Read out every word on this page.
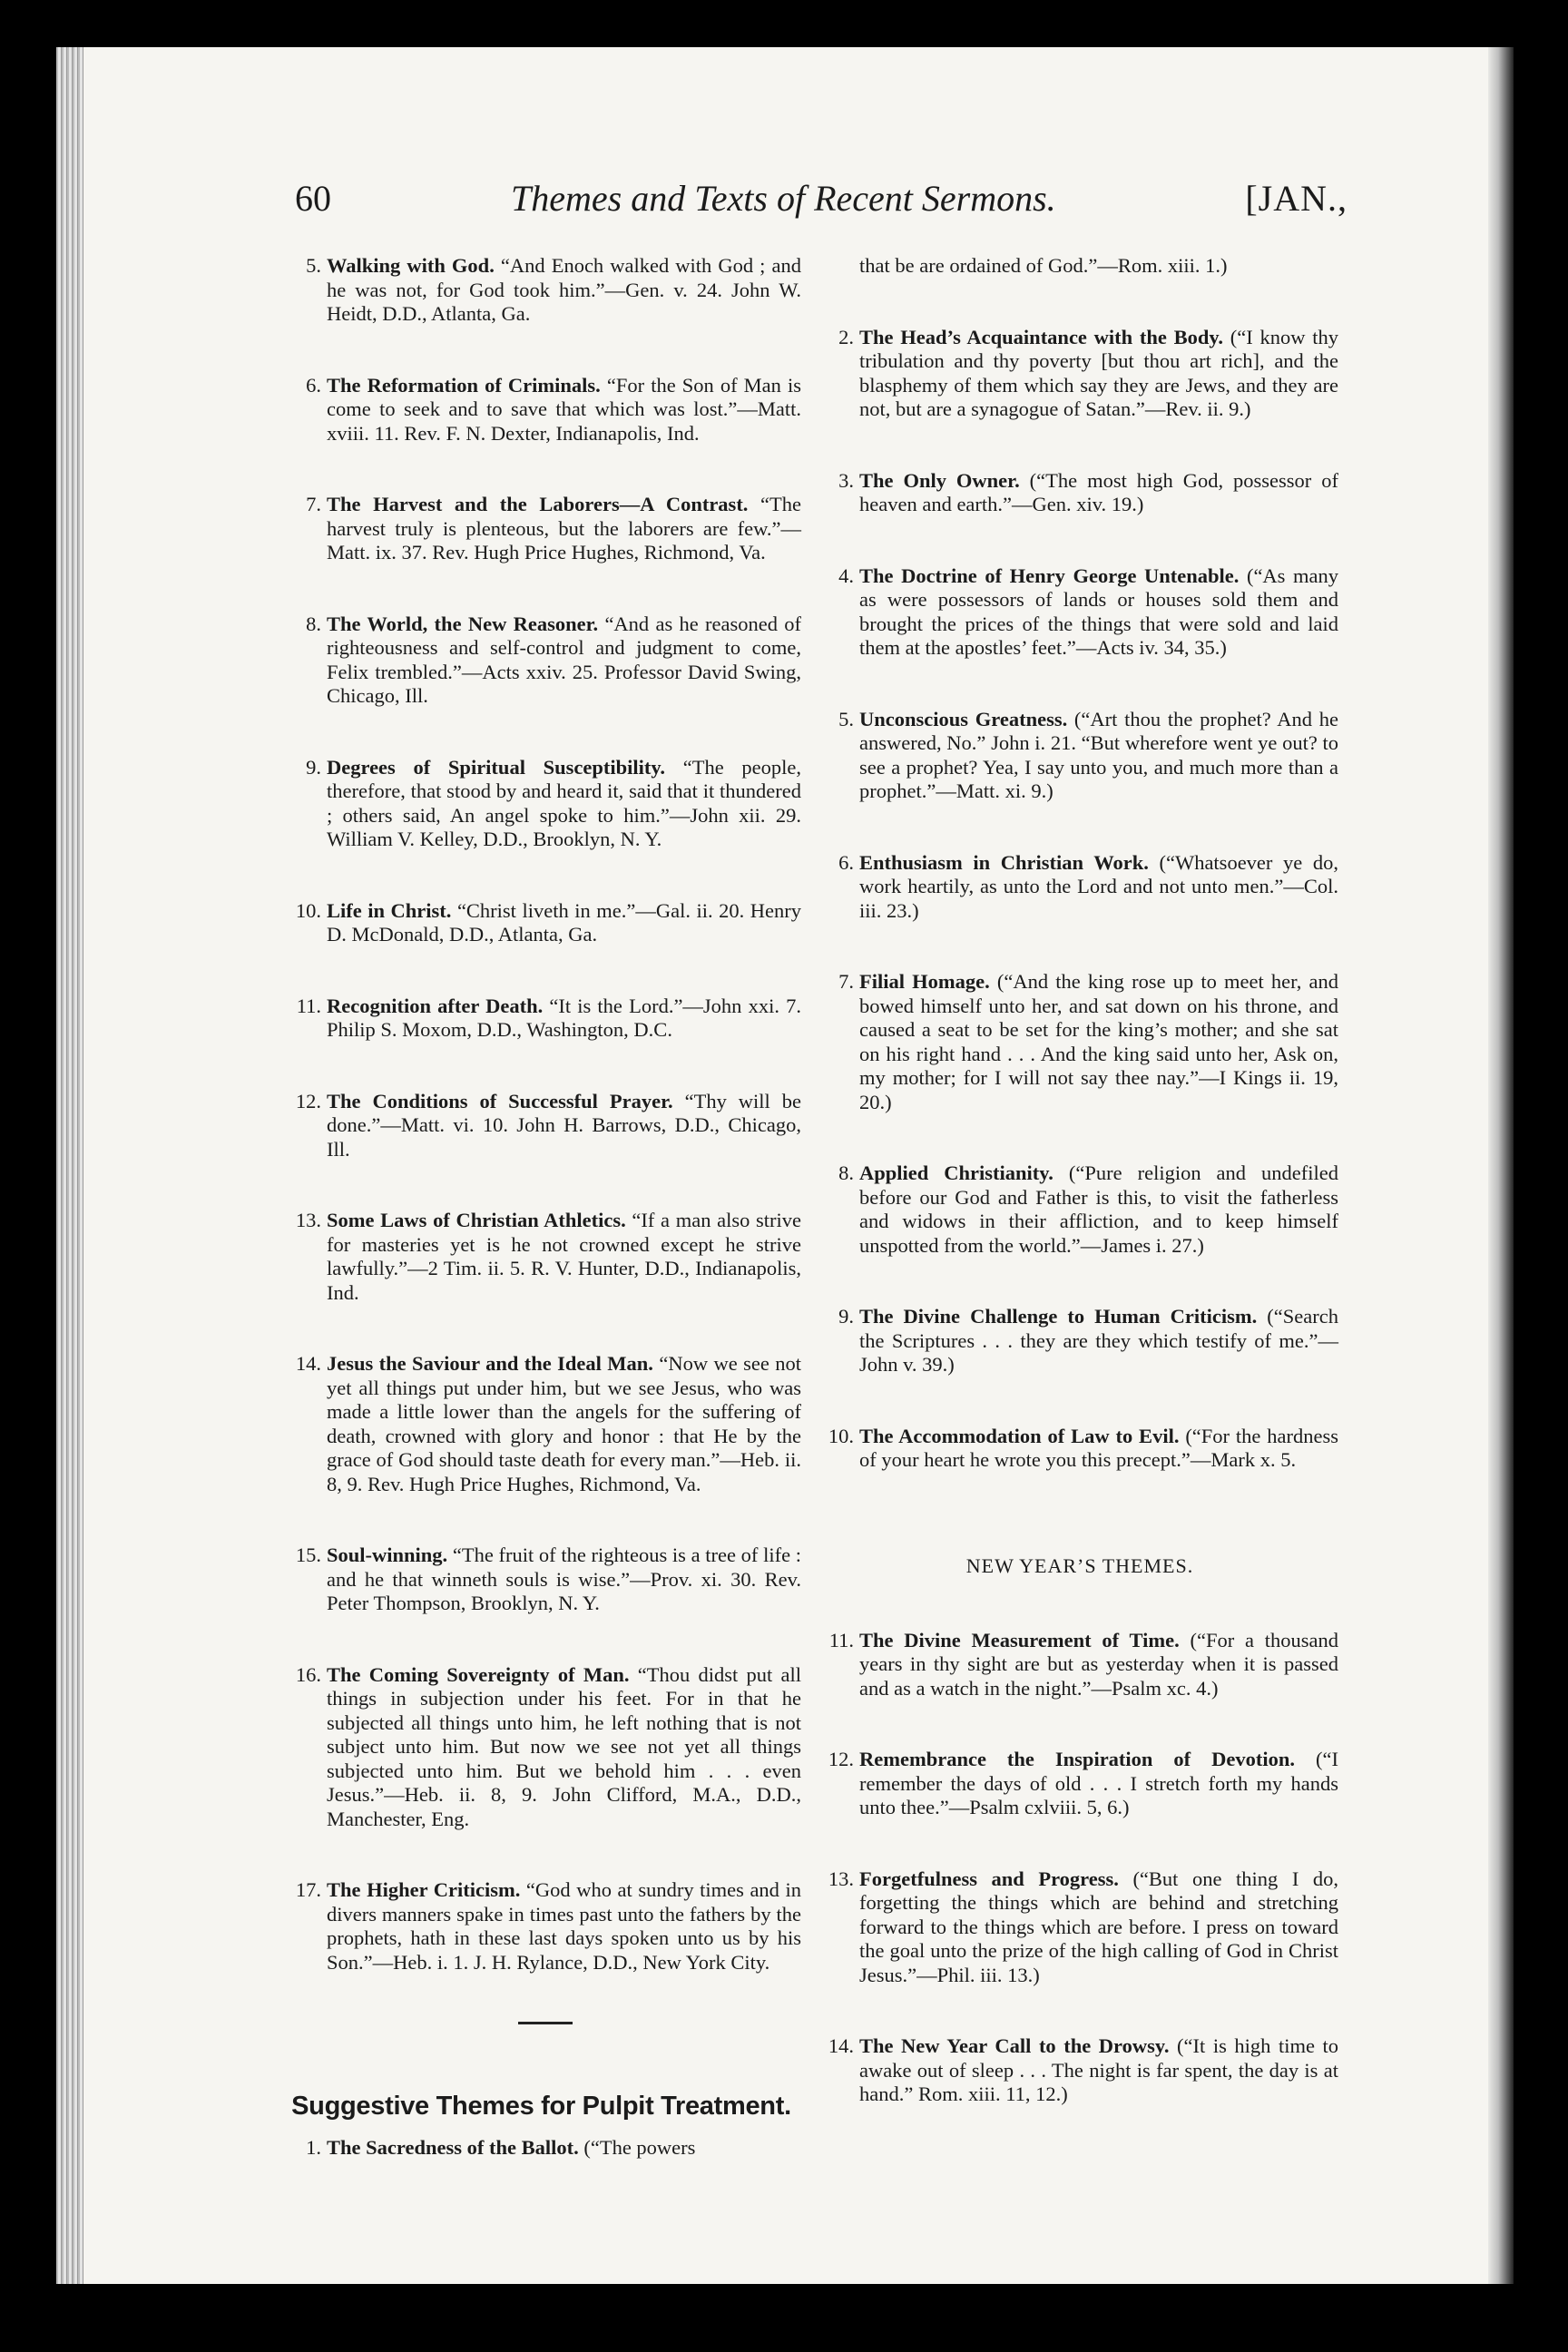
60	Themes and Texts of Recent Sermons.	[JAN.,
5. Walking with God. “And Enoch walked with God ; and he was not, for God took him.”—Gen. v. 24. John W. Heidt, D.D., Atlanta, Ga.
6. The Reformation of Criminals. “For the Son of Man is come to seek and to save that which was lost.”—Matt. xviii. 11. Rev. F. N. Dexter, Indianapolis, Ind.
7. The Harvest and the Laborers—A Contrast. “The harvest truly is plenteous, but the laborers are few.”—Matt. ix. 37. Rev. Hugh Price Hughes, Richmond, Va.
8. The World, the New Reasoner. “And as he reasoned of righteousness and self-control and judgment to come, Felix trembled.”—Acts xxiv. 25. Professor David Swing, Chicago, Ill.
9. Degrees of Spiritual Susceptibility. “The people, therefore, that stood by and heard it, said that it thundered ; others said, An angel spoke to him.”—John xii. 29. William V. Kelley, D.D., Brooklyn, N. Y.
10. Life in Christ. “Christ liveth in me.”—Gal. ii. 20. Henry D. McDonald, D.D., Atlanta, Ga.
11. Recognition after Death. “It is the Lord.”—John xxi. 7. Philip S. Moxom, D.D., Washington, D.C.
12. The Conditions of Successful Prayer. “Thy will be done.”—Matt. vi. 10. John H. Barrows, D.D., Chicago, Ill.
13. Some Laws of Christian Athletics. “If a man also strive for masteries yet is he not crowned except he strive lawfully.”—2 Tim. ii. 5. R. V. Hunter, D.D., Indianapolis, Ind.
14. Jesus the Saviour and the Ideal Man. “Now we see not yet all things put under him, but we see Jesus, who was made a little lower than the angels for the suffering of death, crowned with glory and honor : that He by the grace of God should taste death for every man.”—Heb. ii. 8, 9. Rev. Hugh Price Hughes, Richmond, Va.
15. Soul-winning. “The fruit of the righteous is a tree of life : and he that winneth souls is wise.”—Prov. xi. 30. Rev. Peter Thompson, Brooklyn, N. Y.
16. The Coming Sovereignty of Man. “Thou didst put all things in subjection under his feet. For in that he subjected all things unto him, he left nothing that is not subject unto him. But now we see not yet all things subjected unto him. But we behold him . . . even Jesus.”—Heb. ii. 8, 9. John Clifford, M.A., D.D., Manchester, Eng.
17. The Higher Criticism. “God who at sundry times and in divers manners spake in times past unto the fathers by the prophets, hath in these last days spoken unto us by his Son.”—Heb. i. 1. J. H. Rylance, D.D., New York City.
Suggestive Themes for Pulpit Treatment.
1. The Sacredness of the Ballot. (“The powers
that be are ordained of God.”—Rom. xiii. 1.)
2. The Head’s Acquaintance with the Body. (“I know thy tribulation and thy poverty [but thou art rich], and the blasphemy of them which say they are Jews, and they are not, but are a synagogue of Satan.”—Rev. ii. 9.)
3. The Only Owner. (“The most high God, possessor of heaven and earth.”—Gen. xiv. 19.)
4. The Doctrine of Henry George Untenable. (“As many as were possessors of lands or houses sold them and brought the prices of the things that were sold and laid them at the apostles’ feet.”—Acts iv. 34, 35.)
5. Unconscious Greatness. (“Art thou the prophet? And he answered, No.” John i. 21. “But wherefore went ye out? to see a prophet? Yea, I say unto you, and much more than a prophet.”—Matt. xi. 9.)
6. Enthusiasm in Christian Work. (“Whatsoever ye do, work heartily, as unto the Lord and not unto men.”—Col. iii. 23.)
7. Filial Homage. (“And the king rose up to meet her, and bowed himself unto her, and sat down on his throne, and caused a seat to be set for the king’s mother; and she sat on his right hand . . . And the king said unto her, Ask on, my mother; for I will not say thee nay.”—I Kings ii. 19, 20.)
8. Applied Christianity. (“Pure religion and undefiled before our God and Father is this, to visit the fatherless and widows in their affliction, and to keep himself unspotted from the world.”—James i. 27.)
9. The Divine Challenge to Human Criticism. (“Search the Scriptures . . . they are they which testify of me.”—John v. 39.)
10. The Accommodation of Law to Evil. (“For the hardness of your heart he wrote you this precept.”—Mark x. 5.
NEW YEAR’S THEMES.
11. The Divine Measurement of Time. (“For a thousand years in thy sight are but as yesterday when it is passed and as a watch in the night.”—Psalm xc. 4.)
12. Remembrance the Inspiration of Devotion. (“I remember the days of old . . . I stretch forth my hands unto thee.”—Psalm cxlviii. 5, 6.)
13. Forgetfulness and Progress. (“But one thing I do, forgetting the things which are behind and stretching forward to the things which are before. I press on toward the goal unto the prize of the high calling of God in Christ Jesus.”—Phil. iii. 13.)
14. The New Year Call to the Drowsy. (“It is high time to awake out of sleep . . . The night is far spent, the day is at hand.” Rom. xiii. 11, 12.)
